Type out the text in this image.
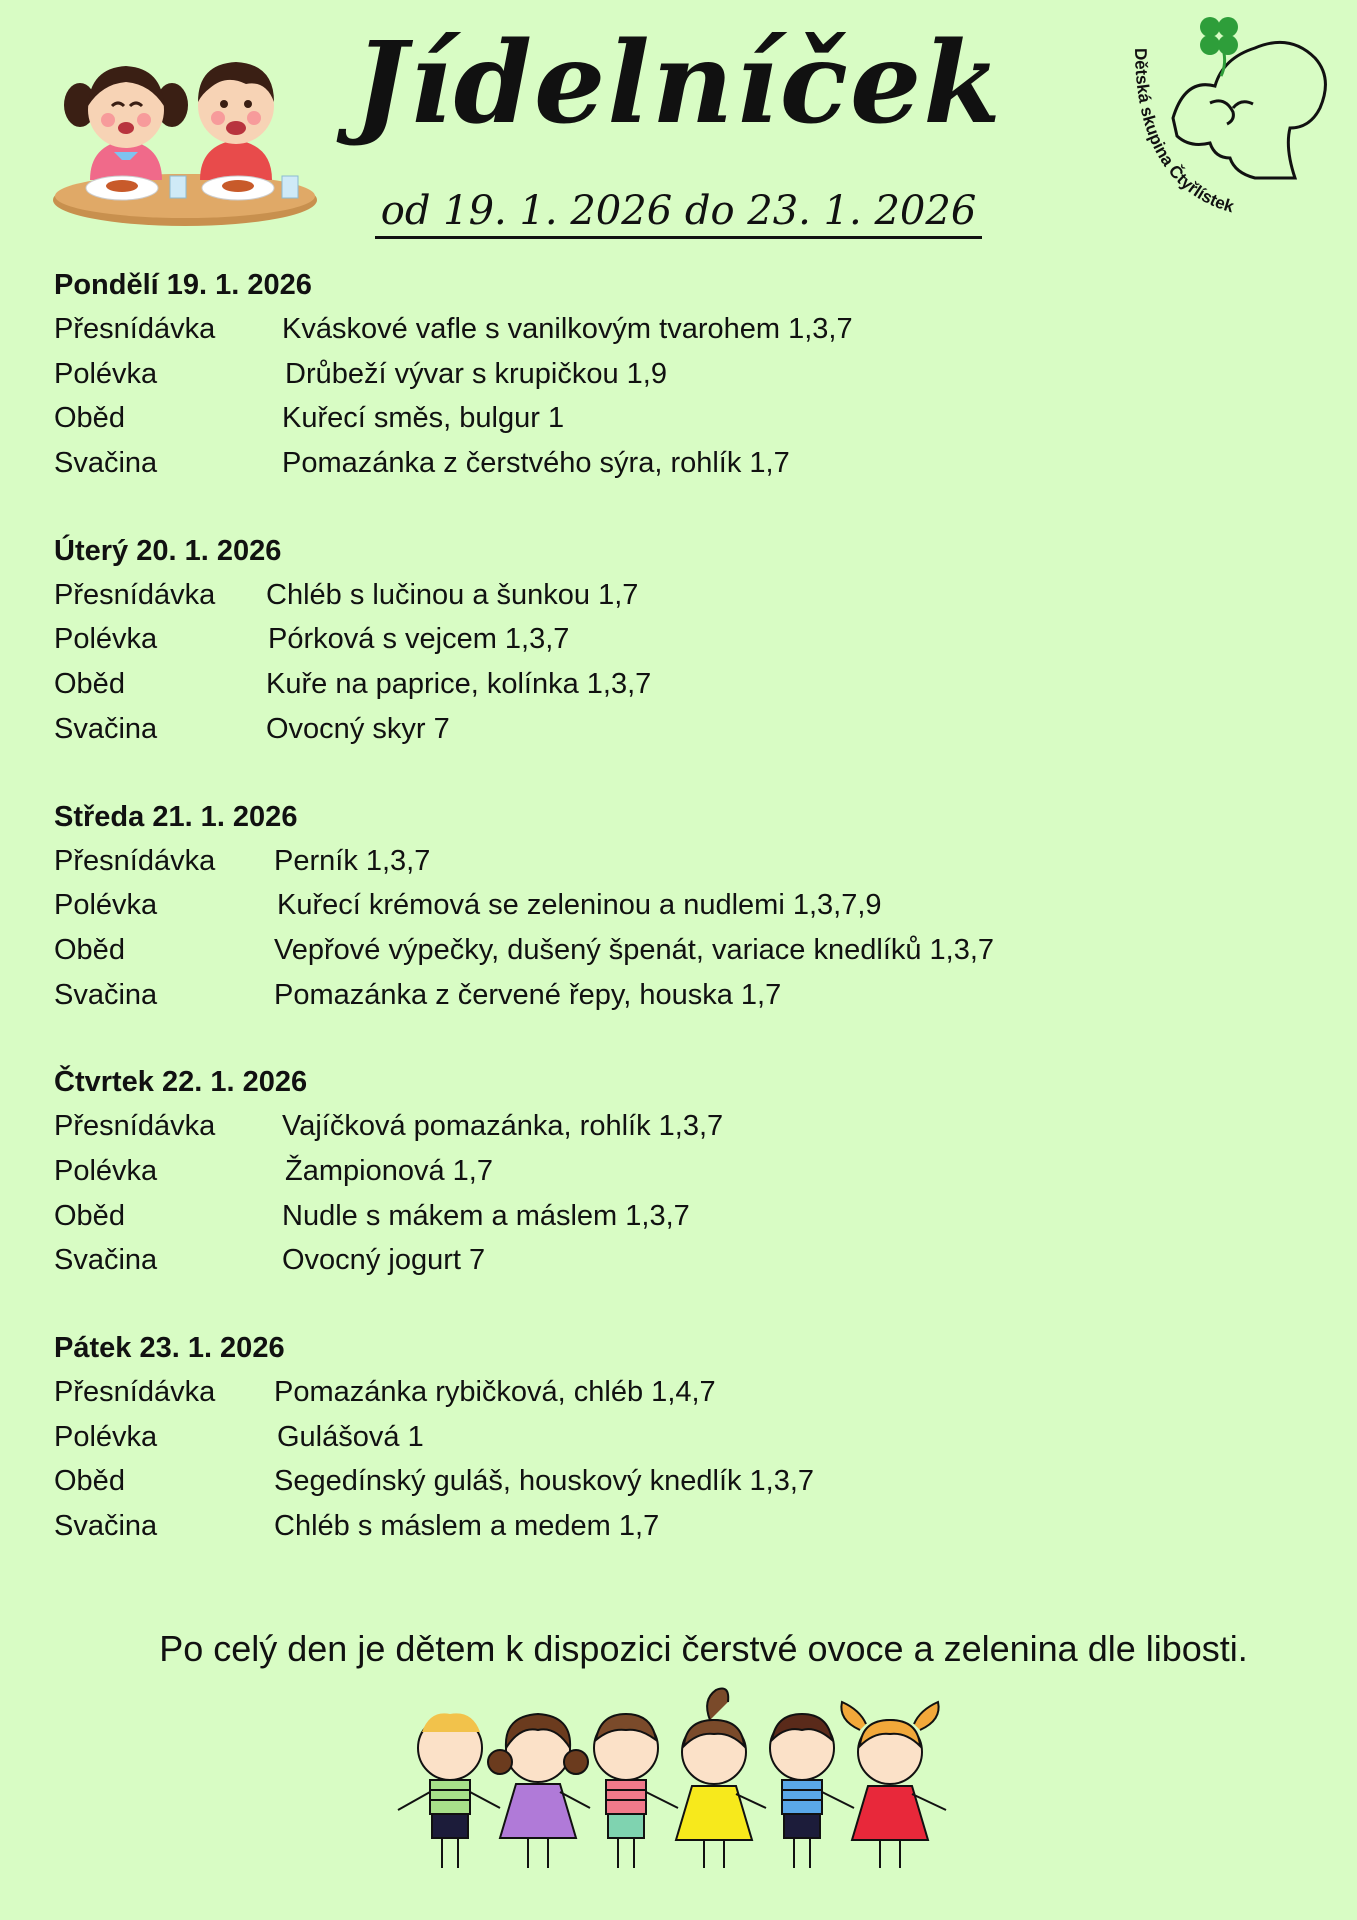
Jídelníček
od 19. 1. 2026 do 23. 1. 2026
Dětská skupina Čtyřlístek
Pondělí 19. 1. 2026
Přesnídávka	Kváskové vafle s vanilkovým tvarohem 1,3,7
Polévka	Drůbeží vývar s krupičkou 1,9
Oběd	Kuřecí směs, bulgur 1
Svačina	Pomazánka z čerstvého sýra, rohlík 1,7
Úterý 20. 1. 2026
Přesnídávka	Chléb s lučinou a šunkou 1,7
Polévka	Pórková s vejcem 1,3,7
Oběd	Kuře na paprice, kolínka 1,3,7
Svačina	Ovocný skyr 7
Středa 21. 1. 2026
Přesnídávka	Perník 1,3,7
Polévka	Kuřecí krémová se zeleninou a nudlemi 1,3,7,9
Oběd	Vepřové výpečky, dušený špenát, variace knedlíků 1,3,7
Svačina	Pomazánka z červené řepy, houska 1,7
Čtvrtek 22. 1. 2026
Přesnídávka	Vajíčková pomazánka, rohlík 1,3,7
Polévka	Žampionová 1,7
Oběd	Nudle s mákem a máslem 1,3,7
Svačina	Ovocný jogurt 7
Pátek 23. 1. 2026
Přesnídávka	Pomazánka rybičková, chléb 1,4,7
Polévka	Gulášová 1
Oběd	Segedínský guláš, houskový knedlík 1,3,7
Svačina	Chléb s máslem a medem 1,7
Po celý den je dětem k dispozici čerstvé ovoce a zelenina dle libosti.
